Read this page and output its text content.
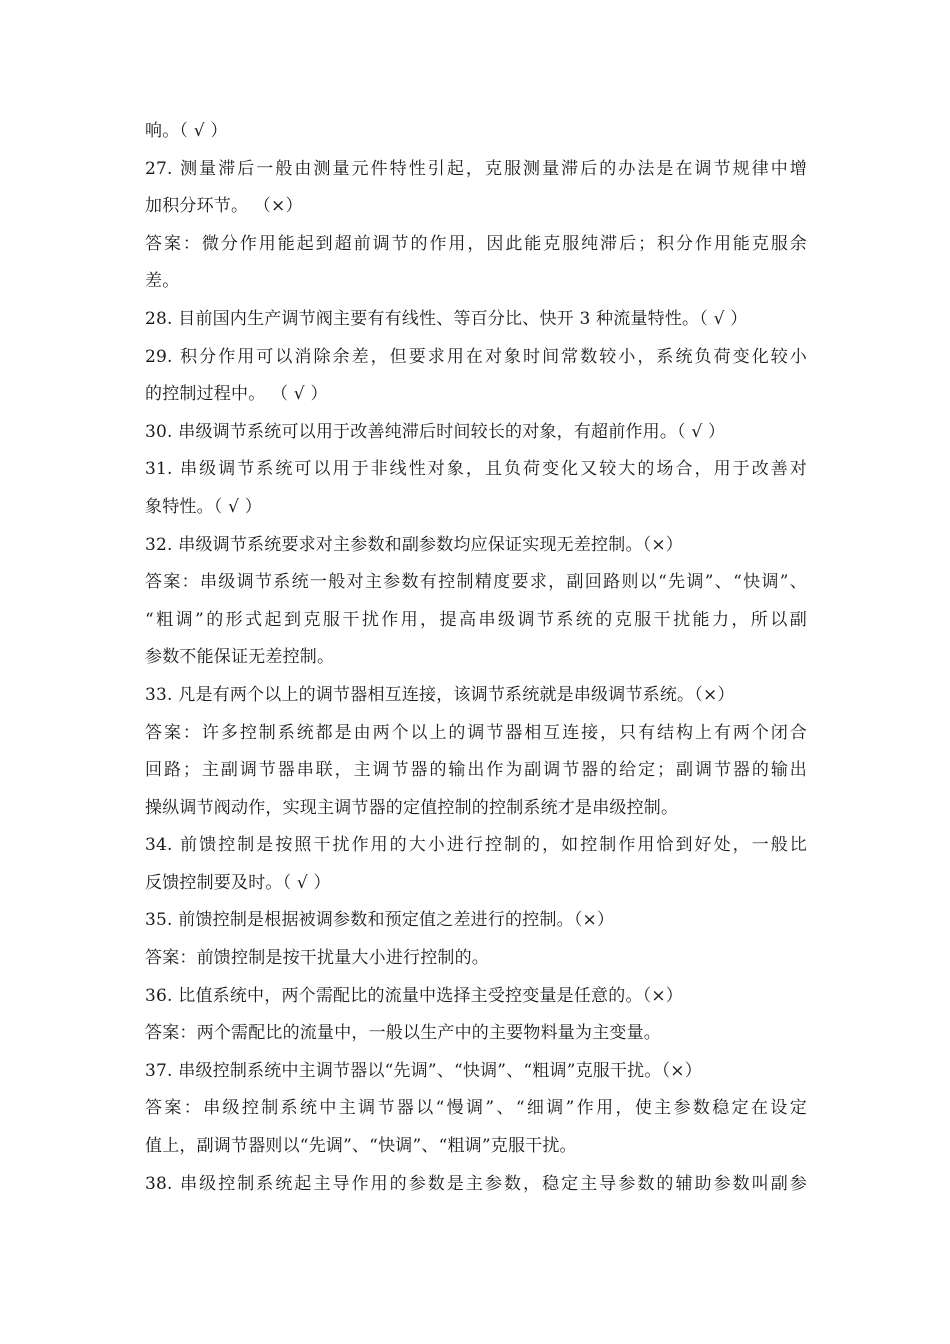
响。（ √ ）
27. 测量滞后一般由测量元件特性引起，克服测量滞后的办法是在调节规律中增
加积分环节。 （×）
答案：微分作用能起到超前调节的作用，因此能克服纯滞后；积分作用能克服余
差。
28. 目前国内生产调节阀主要有有线性、等百分比、快开 3 种流量特性。（ √ ）
29. 积分作用可以消除余差，但要求用在对象时间常数较小，系统负荷变化较小
的控制过程中。 （ √ ）
30. 串级调节系统可以用于改善纯滞后时间较长的对象，有超前作用。（ √ ）
31. 串级调节系统可以用于非线性对象，且负荷变化又较大的场合，用于改善对
象特性。（ √ ）
32. 串级调节系统要求对主参数和副参数均应保证实现无差控制。（×）
答案：串级调节系统一般对主参数有控制精度要求，副回路则以“先调”、“快调”、
“粗调”的形式起到克服干扰作用，提高串级调节系统的克服干扰能力，所以副
参数不能保证无差控制。
33. 凡是有两个以上的调节器相互连接，该调节系统就是串级调节系统。（×）
答案：许多控制系统都是由两个以上的调节器相互连接，只有结构上有两个闭合
回路；主副调节器串联，主调节器的输出作为副调节器的给定；副调节器的输出
操纵调节阀动作，实现主调节器的定值控制的控制系统才是串级控制。
34. 前馈控制是按照干扰作用的大小进行控制的，如控制作用恰到好处，一般比
反馈控制要及时。（ √ ）
35. 前馈控制是根据被调参数和预定值之差进行的控制。（×）
答案：前馈控制是按干扰量大小进行控制的。
36. 比值系统中，两个需配比的流量中选择主受控变量是任意的。（×）
答案：两个需配比的流量中，一般以生产中的主要物料量为主变量。
37. 串级控制系统中主调节器以“先调”、“快调”、“粗调”克服干扰。（×）
答案：串级控制系统中主调节器以“慢调”、“细调”作用，使主参数稳定在设定
值上，副调节器则以“先调”、“快调”、“粗调”克服干扰。
38. 串级控制系统起主导作用的参数是主参数，稳定主导参数的辅助参数叫副参
